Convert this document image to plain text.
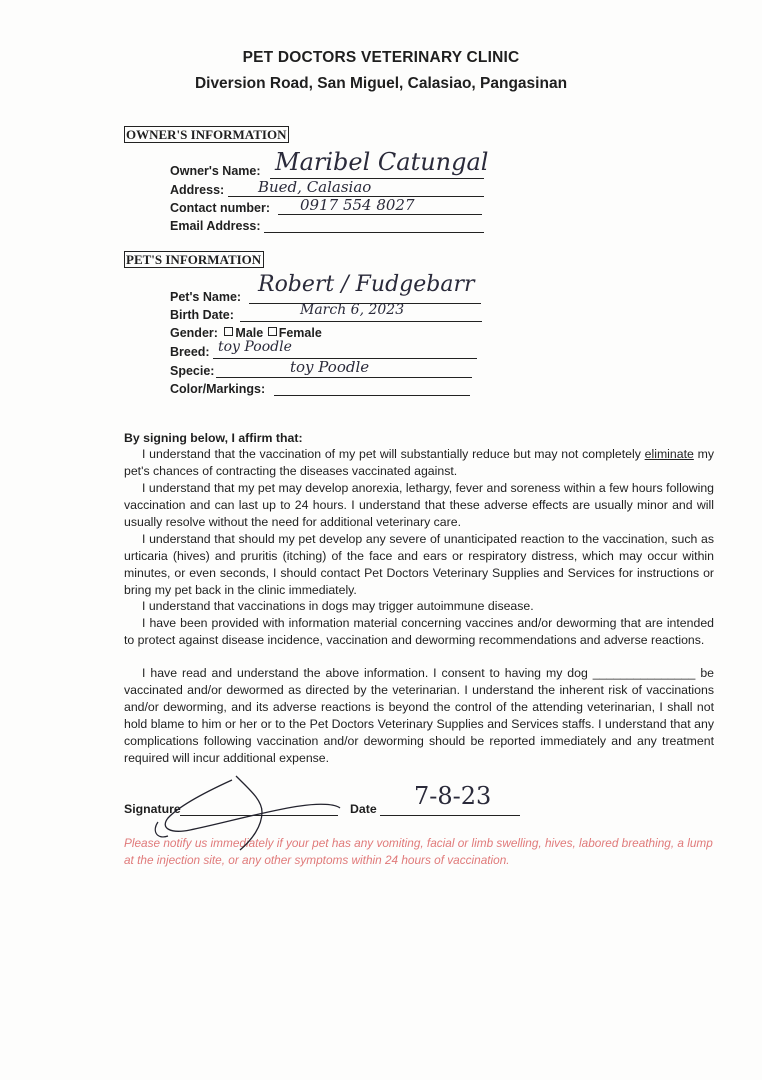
PET DOCTORS VETERINARY CLINIC
Diversion Road, San Miguel, Calasiao, Pangasinan
OWNER'S INFORMATION
Owner's Name: Maribel Catungal
Address: Bued, Calasiao
Contact number: 0917 554 8027
Email Address:
PET'S INFORMATION
Pet's Name: Robert / Fudgebarr
Birth Date:	March 6, 2023
Gender: Male Female
Breed: toy Poodle
Specie:	toy Poodle
Color/Markings:
By signing below, I affirm that:

I understand that the vaccination of my pet will substantially reduce but may not completely eliminate my pet's chances of contracting the diseases vaccinated against.

I understand that my pet may develop anorexia, lethargy, fever and soreness within a few hours following vaccination and can last up to 24 hours. I understand that these adverse effects are usually minor and will usually resolve without the need for additional veterinary care.

I understand that should my pet develop any severe of unanticipated reaction to the vaccination, such as urticaria (hives) and pruritis (itching) of the face and ears or respiratory distress, which may occur within minutes, or even seconds, I should contact Pet Doctors Veterinary Supplies and Services for instructions or bring my pet back in the clinic immediately.

I understand that vaccinations in dogs may trigger autoimmune disease.

I have been provided with information material concerning vaccines and/or deworming that are intended to protect against disease incidence, vaccination and deworming recommendations and adverse reactions.

I have read and understand the above information. I consent to having my dog _______________ be vaccinated and/or dewormed as directed by the veterinarian. I understand the inherent risk of vaccinations and/or deworming, and its adverse reactions is beyond the control of the attending veterinarian, I shall not hold blame to him or her or to the Pet Doctors Veterinary Supplies and Services staffs. I understand that any complications following vaccination and/or deworming should be reported immediately and any treatment required will incur additional expense.

Signature	Date 7-8-23
Please notify us immediately if your pet has any vomiting, facial or limb swelling, hives, labored breathing, a lump at the injection site, or any other symptoms within 24 hours of vaccination.
